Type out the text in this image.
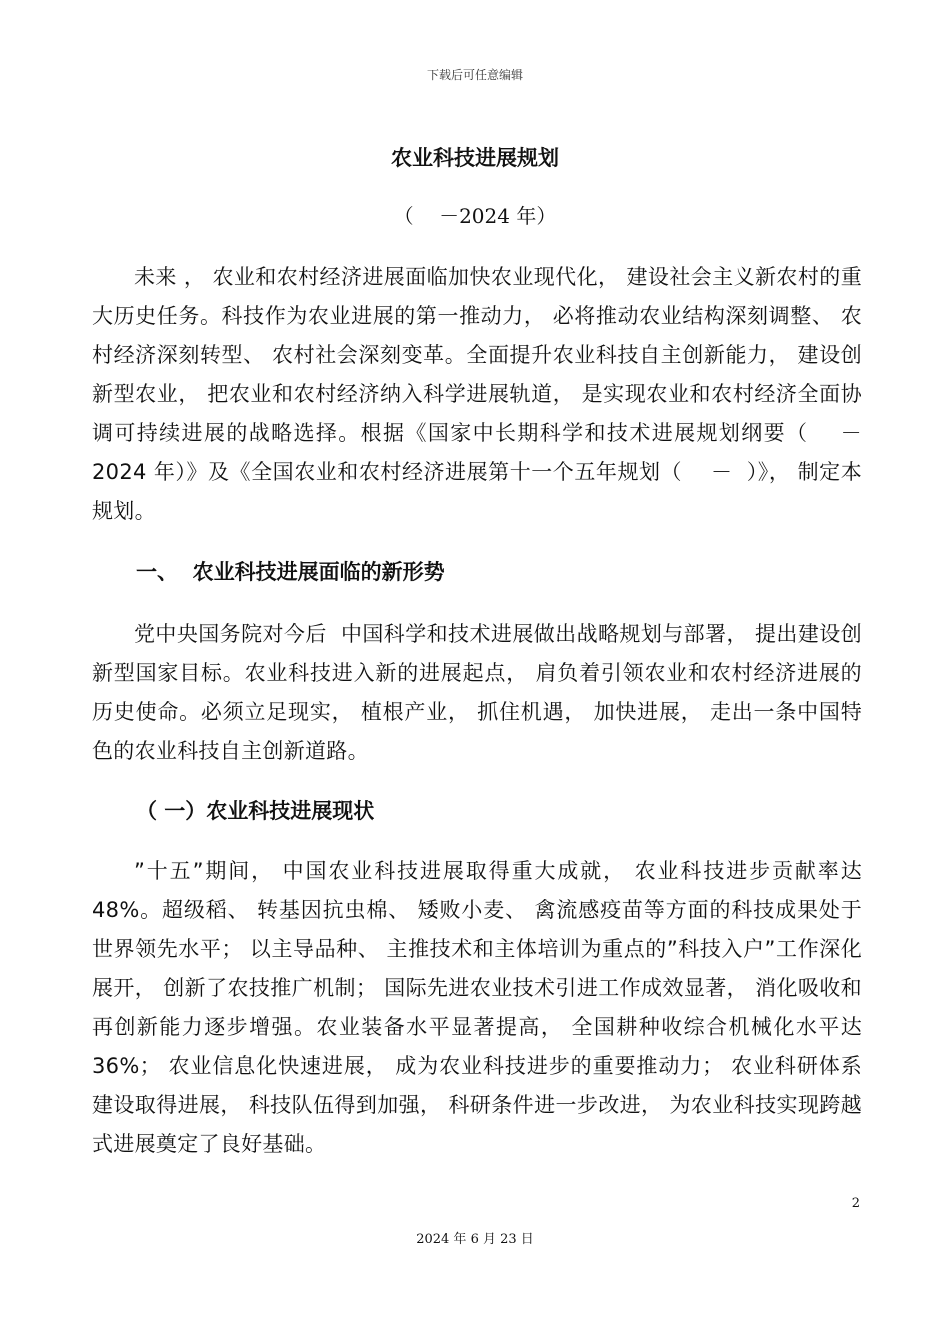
下载后可任意编辑
农业科技进展规划
（    －2024 年）

未来 ， 农业和农村经济进展面临加快农业现代化， 建设社会主义新农村的重大历史任务。科技作为农业进展的第一推动力， 必将推动农业结构深刻调整、 农村经济深刻转型、 农村社会深刻变革。全面提升农业科技自主创新能力， 建设创新型农业， 把农业和农村经济纳入科学进展轨道， 是实现农业和农村经济全面协调可持续进展的战略选择。根据《国家中长期科学和技术进展规划纲要（    －2024 年）》及《全国农业和农村经济进展第十一个五年规划（    －  ）》， 制定本规划。

一、  农业科技进展面临的新形势

党中央国务院对今后  中国科学和技术进展做出战略规划与部署， 提出建设创新型国家目标。农业科技进入新的进展起点， 肩负着引领农业和农村经济进展的历史使命。必须立足现实， 植根产业， 抓住机遇， 加快进展， 走出一条中国特色的农业科技自主创新道路。

（ 一）农业科技进展现状

”十五”期间， 中国农业科技进展取得重大成就， 农业科技进步贡献率达 48%。超级稻、 转基因抗虫棉、 矮败小麦、 禽流感疫苗等方面的科技成果处于世界领先水平； 以主导品种、 主推技术和主体培训为重点的”科技入户”工作深化展开， 创新了农技推广机制； 国际先进农业技术引进工作成效显著， 消化吸收和再创新能力逐步增强。农业装备水平显著提高， 全国耕种收综合机械化水平达 36%； 农业信息化快速进展， 成为农业科技进步的重要推动力； 农业科研体系建设取得进展， 科技队伍得到加强， 科研条件进一步改进， 为农业科技实现跨越式进展奠定了良好基础。

2
2024 年 6 月 23 日
